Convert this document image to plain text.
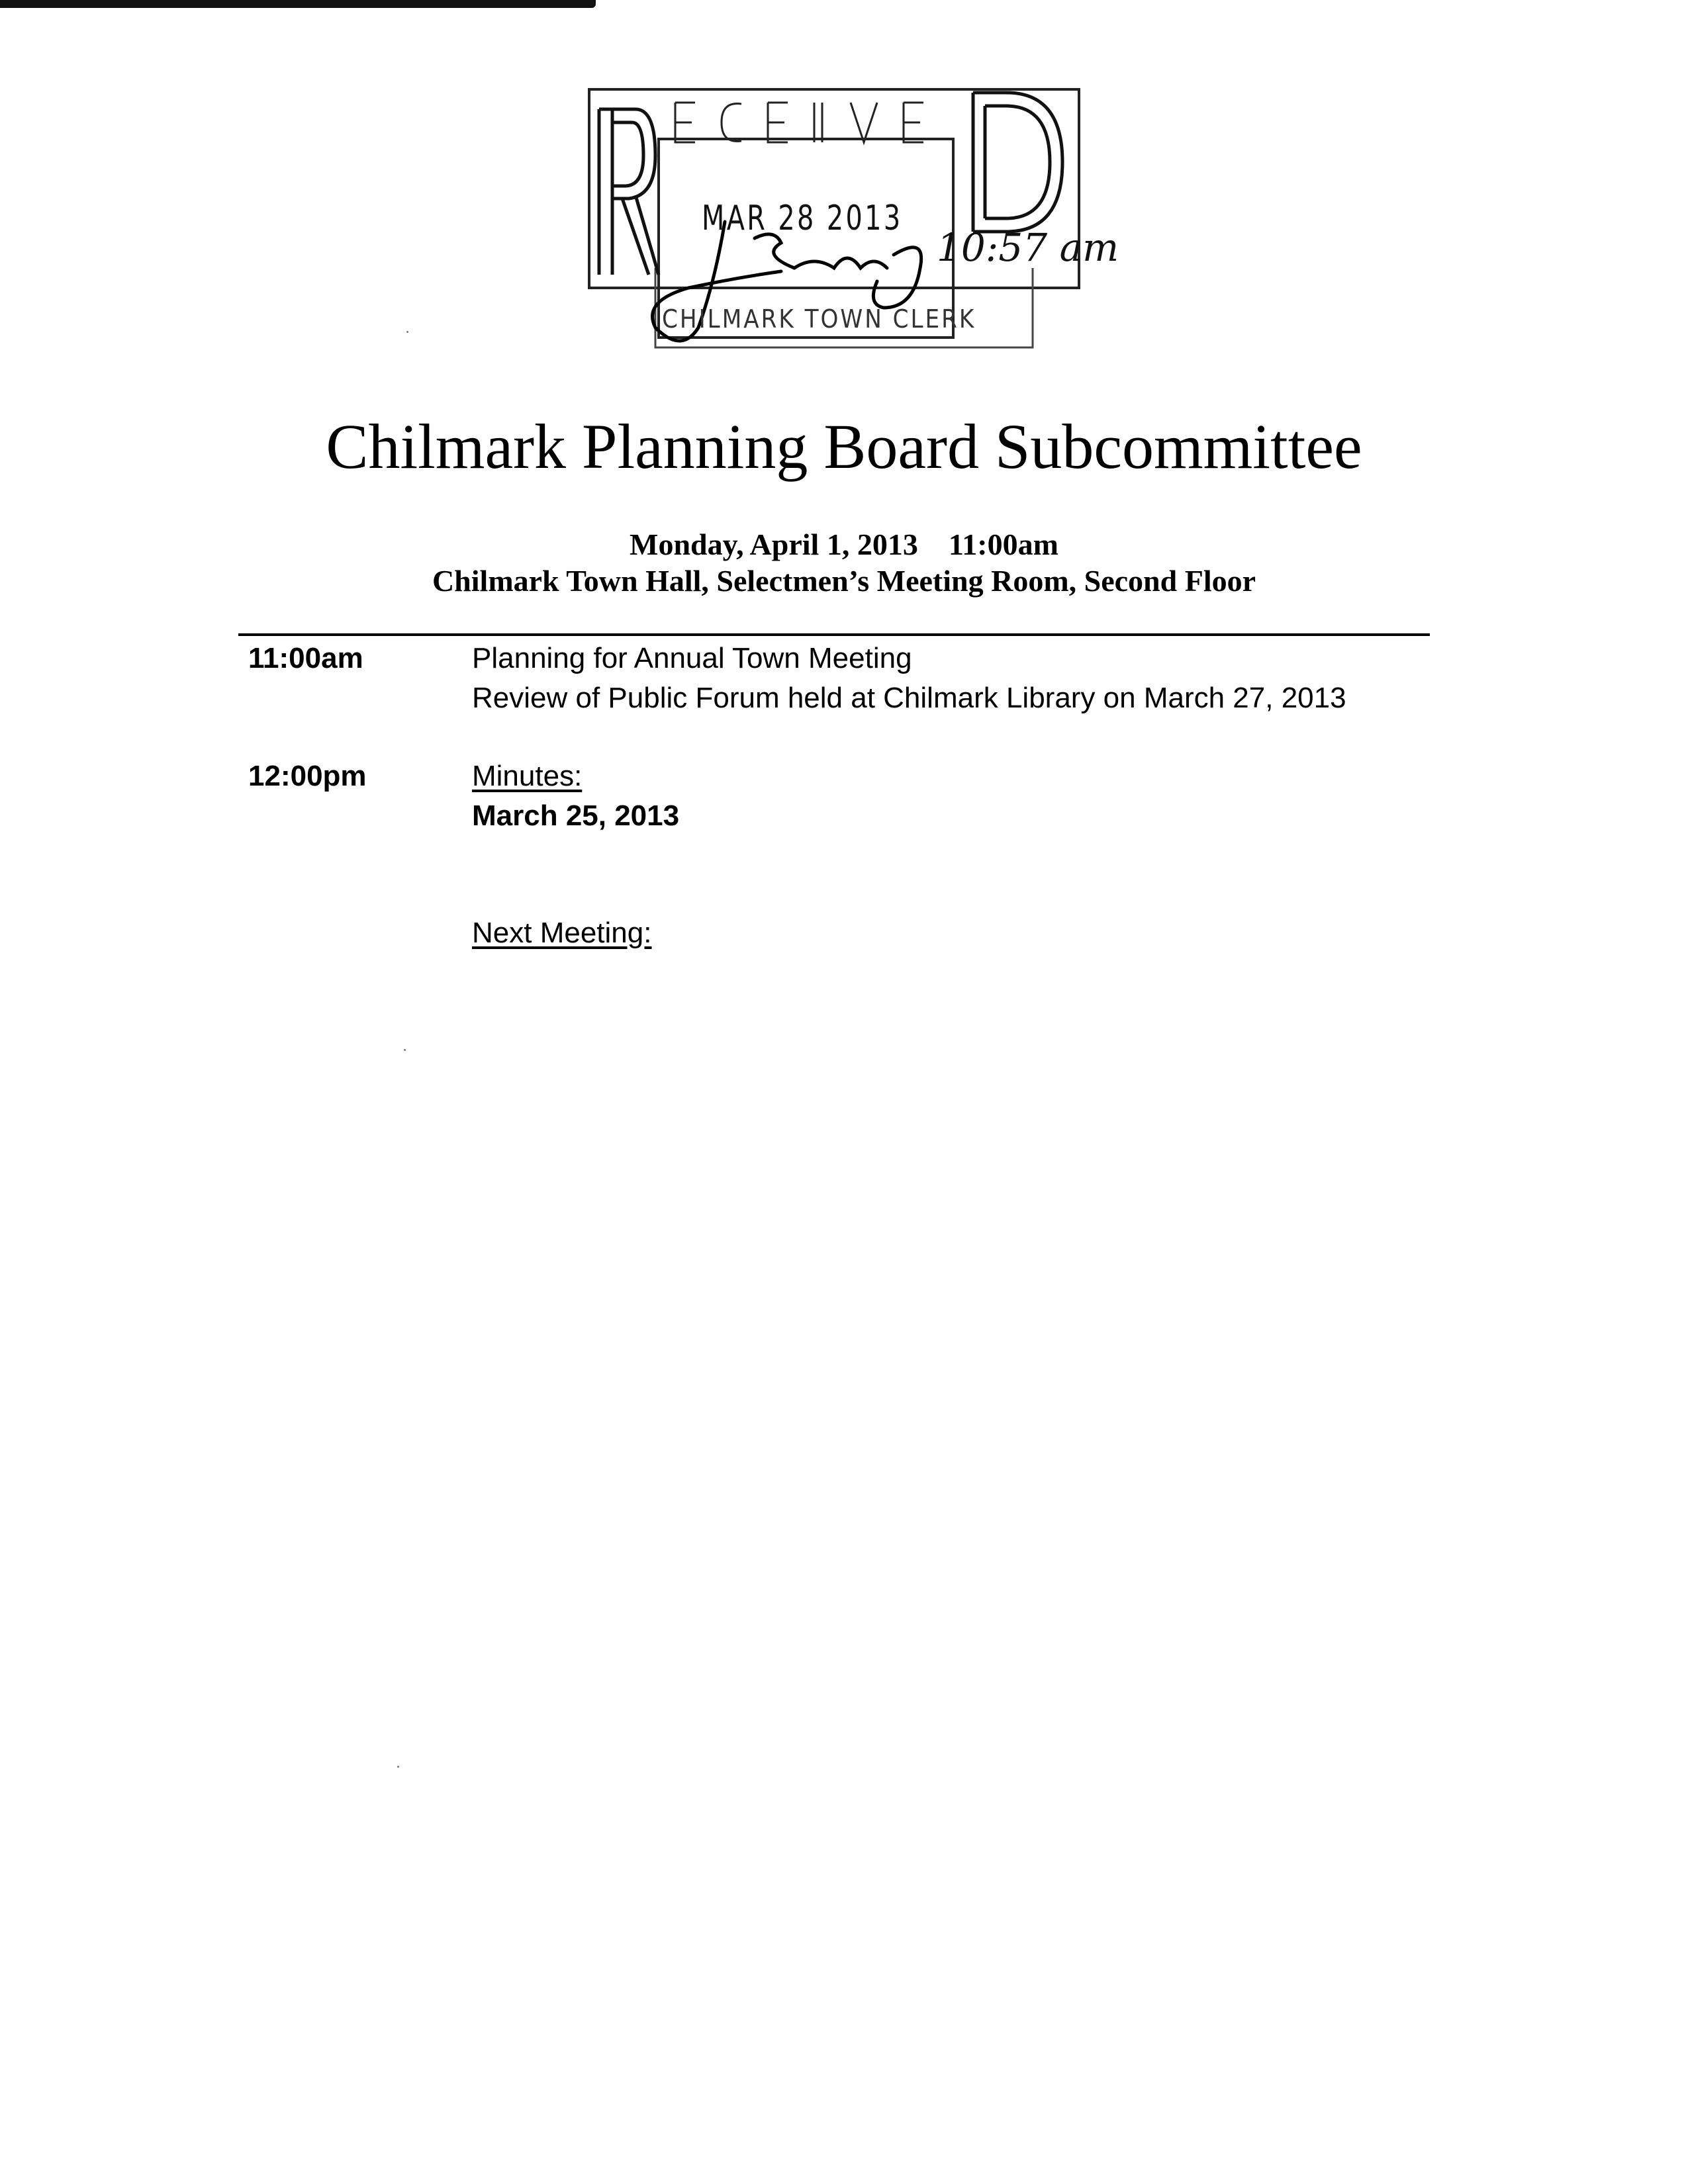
MAR 28 2013
CHILMARK TOWN CLERK
10:57 am
Chilmark Planning Board Subcommittee
Monday, April 1, 2013    11:00am
Chilmark Town Hall, Selectmen’s Meeting Room, Second Floor
11:00am	Planning for Annual Town Meeting
Review of Public Forum held at Chilmark Library on March 27, 2013
12:00pm	Minutes:
March 25, 2013
Next Meeting:
